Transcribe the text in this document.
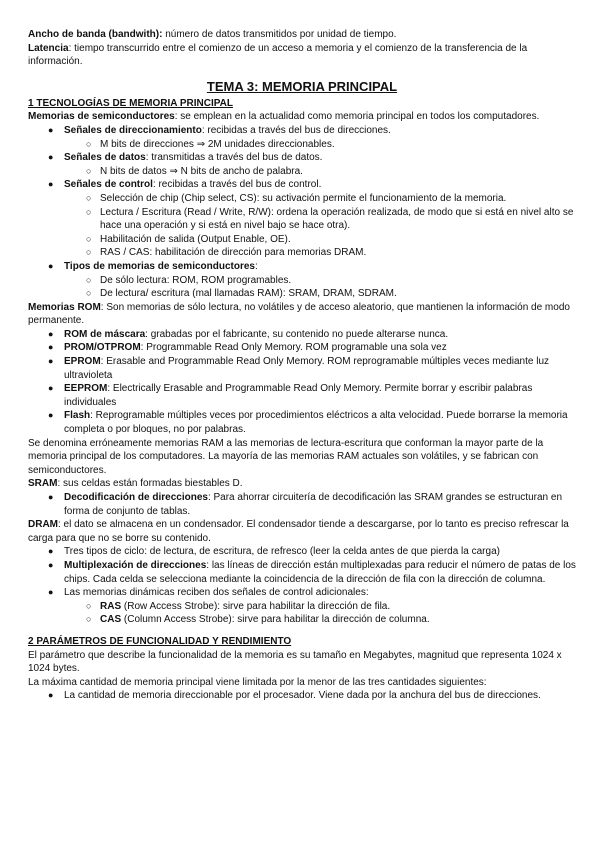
Ancho de banda (bandwith): número de datos transmitidos por unidad de tiempo.

Latencia: tiempo transcurrido entre el comienzo de un acceso a memoria y el comienzo de la transferencia de la información.

TEMA 3: MEMORIA PRINCIPAL

1 TECNOLOGÍAS DE MEMORIA PRINCIPAL

Memorias de semiconductores: se emplean en la actualidad como memoria principal en todos los computadores.

● Señales de direccionamiento: recibidas a través del bus de direcciones.
○ M bits de direcciones ⇒ 2M unidades direccionables.
● Señales de datos: transmitidas a través del bus de datos.
○ N bits de datos ⇒ N bits de ancho de palabra.
● Señales de control: recibidas a través del bus de control.
○ Selección de chip (Chip select, CS): su activación permite el funcionamiento de la memoria.
○ Lectura / Escritura (Read / Write, R/W): ordena la operación realizada, de modo que si está en nivel alto se hace una operación y si está en nivel bajo se hace otra).
○ Habilitación de salida (Output Enable, OE).
○ RAS / CAS: habilitación de dirección para memorias DRAM.
● Tipos de memorias de semiconductores:
○ De sólo lectura: ROM, ROM programables.
○ De lectura/ escritura (mal llamadas RAM): SRAM, DRAM, SDRAM.

Memorias ROM: Son memorias de sólo lectura, no volátiles y de acceso aleatorio, que mantienen la información de modo permanente.

● ROM de máscara: grabadas por el fabricante, su contenido no puede alterarse nunca.
● PROM/OTPROM: Programmable Read Only Memory. ROM programable una sola vez
● EPROM: Erasable and Programmable Read Only Memory. ROM reprogramable múltiples veces mediante luz ultravioleta
● EEPROM: Electrically Erasable and Programmable Read Only Memory. Permite borrar y escribir palabras individuales
● Flash: Reprogramable múltiples veces por procedimientos eléctricos a alta velocidad. Puede borrarse la memoria completa o por bloques, no por palabras.

Se denomina erróneamente memorias RAM a las memorias de lectura-escritura que conforman la mayor parte de la memoria principal de los computadores. La mayoría de las memorias RAM actuales son volátiles, y se fabrican con semiconductores.

SRAM: sus celdas están formadas biestables D.

● Decodificación de direcciones: Para ahorrar circuitería de decodificación las SRAM grandes se estructuran en forma de conjunto de tablas.

DRAM: el dato se almacena en un condensador. El condensador tiende a descargarse, por lo tanto es preciso refrescar la carga para que no se borre su contenido.

● Tres tipos de ciclo: de lectura, de escritura, de refresco (leer la celda antes de que pierda la carga)
● Multiplexación de direcciones: las líneas de dirección están multiplexadas para reducir el número de patas de los chips. Cada celda se selecciona mediante la coincidencia de la dirección de fila con la dirección de columna.
● Las memorias dinámicas reciben dos señales de control adicionales:
○ RAS (Row Access Strobe): sirve para habilitar la dirección de fila.
○ CAS (Column Access Strobe): sirve para habilitar la dirección de columna.

2 PARÁMETROS DE FUNCIONALIDAD Y RENDIMIENTO

El parámetro que describe la funcionalidad de la memoria es su tamaño en Megabytes, magnitud que representa 1024 x 1024 bytes.

La máxima cantidad de memoria principal viene limitada por la menor de las tres cantidades siguientes:

● La cantidad de memoria direccionable por el procesador. Viene dada por la anchura del bus de direcciones.
